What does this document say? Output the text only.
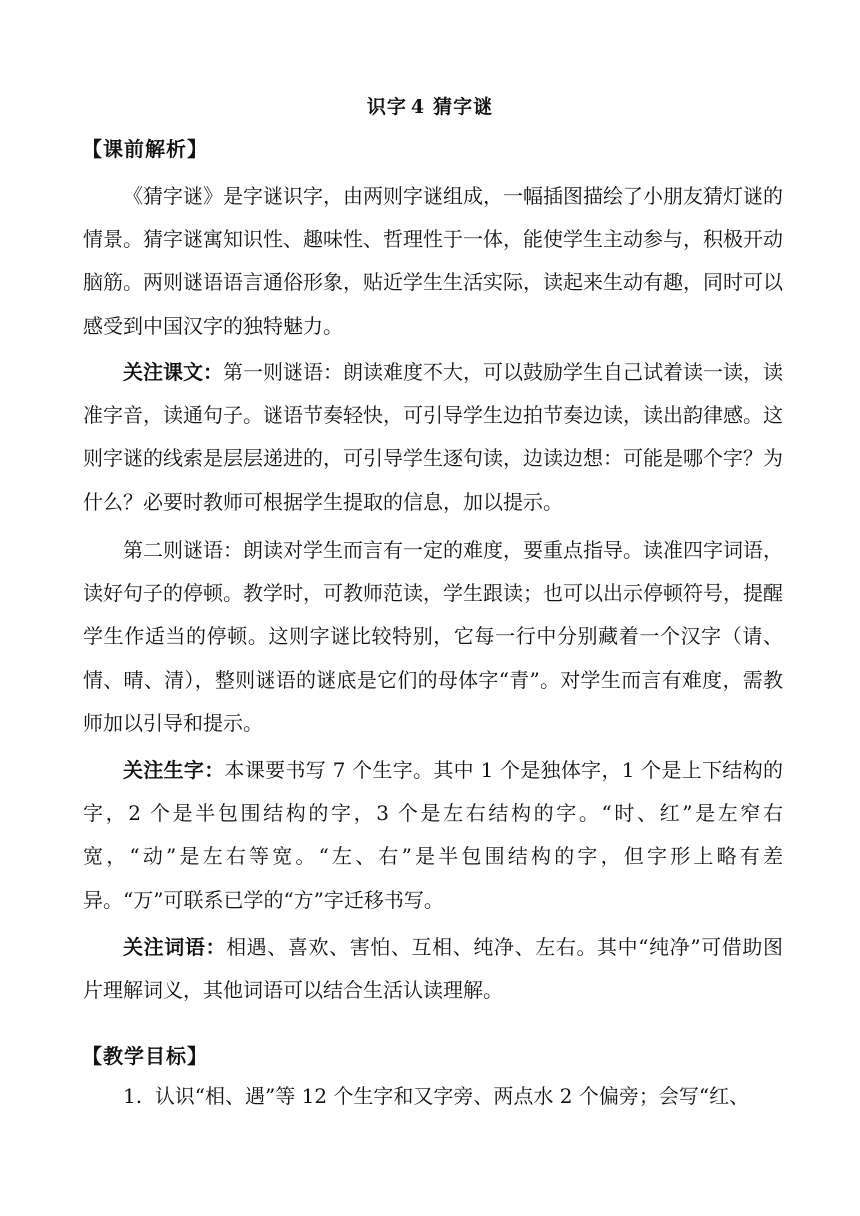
识字 4 猜字谜
【课前解析】

《猜字谜》是字谜识字，由两则字谜组成，一幅插图描绘了小朋友猜灯谜的情景。猜字谜寓知识性、趣味性、哲理性于一体，能使学生主动参与，积极开动脑筋。两则谜语语言通俗形象，贴近学生生活实际，读起来生动有趣，同时可以感受到中国汉字的独特魅力。

关注课文：第一则谜语：朗读难度不大，可以鼓励学生自己试着读一读，读准字音，读通句子。谜语节奏轻快，可引导学生边拍节奏边读，读出韵律感。这则字谜的线索是层层递进的，可引导学生逐句读，边读边想：可能是哪个字？为什么？必要时教师可根据学生提取的信息，加以提示。

第二则谜语：朗读对学生而言有一定的难度，要重点指导。读准四字词语，读好句子的停顿。教学时，可教师范读，学生跟读；也可以出示停顿符号，提醒学生作适当的停顿。这则字谜比较特别，它每一行中分别藏着一个汉字（请、情、晴、清），整则谜语的谜底是它们的母体字“青”。对学生而言有难度，需教师加以引导和提示。

关注生字：本课要书写 7 个生字。其中 1 个是独体字，1 个是上下结构的字，2 个是半包围结构的字，3 个是左右结构的字。“时、红”是左窄右宽，“动”是左右等宽。“左、右”是半包围结构的字，但字形上略有差异。“万”可联系已学的“方”字迁移书写。

关注词语：相遇、喜欢、害怕、互相、纯净、左右。其中“纯净”可借助图片理解词义，其他词语可以结合生活认读理解。

【教学目标】

1. 认识“相、遇”等 12 个生字和又字旁、两点水 2 个偏旁；会写“红、
